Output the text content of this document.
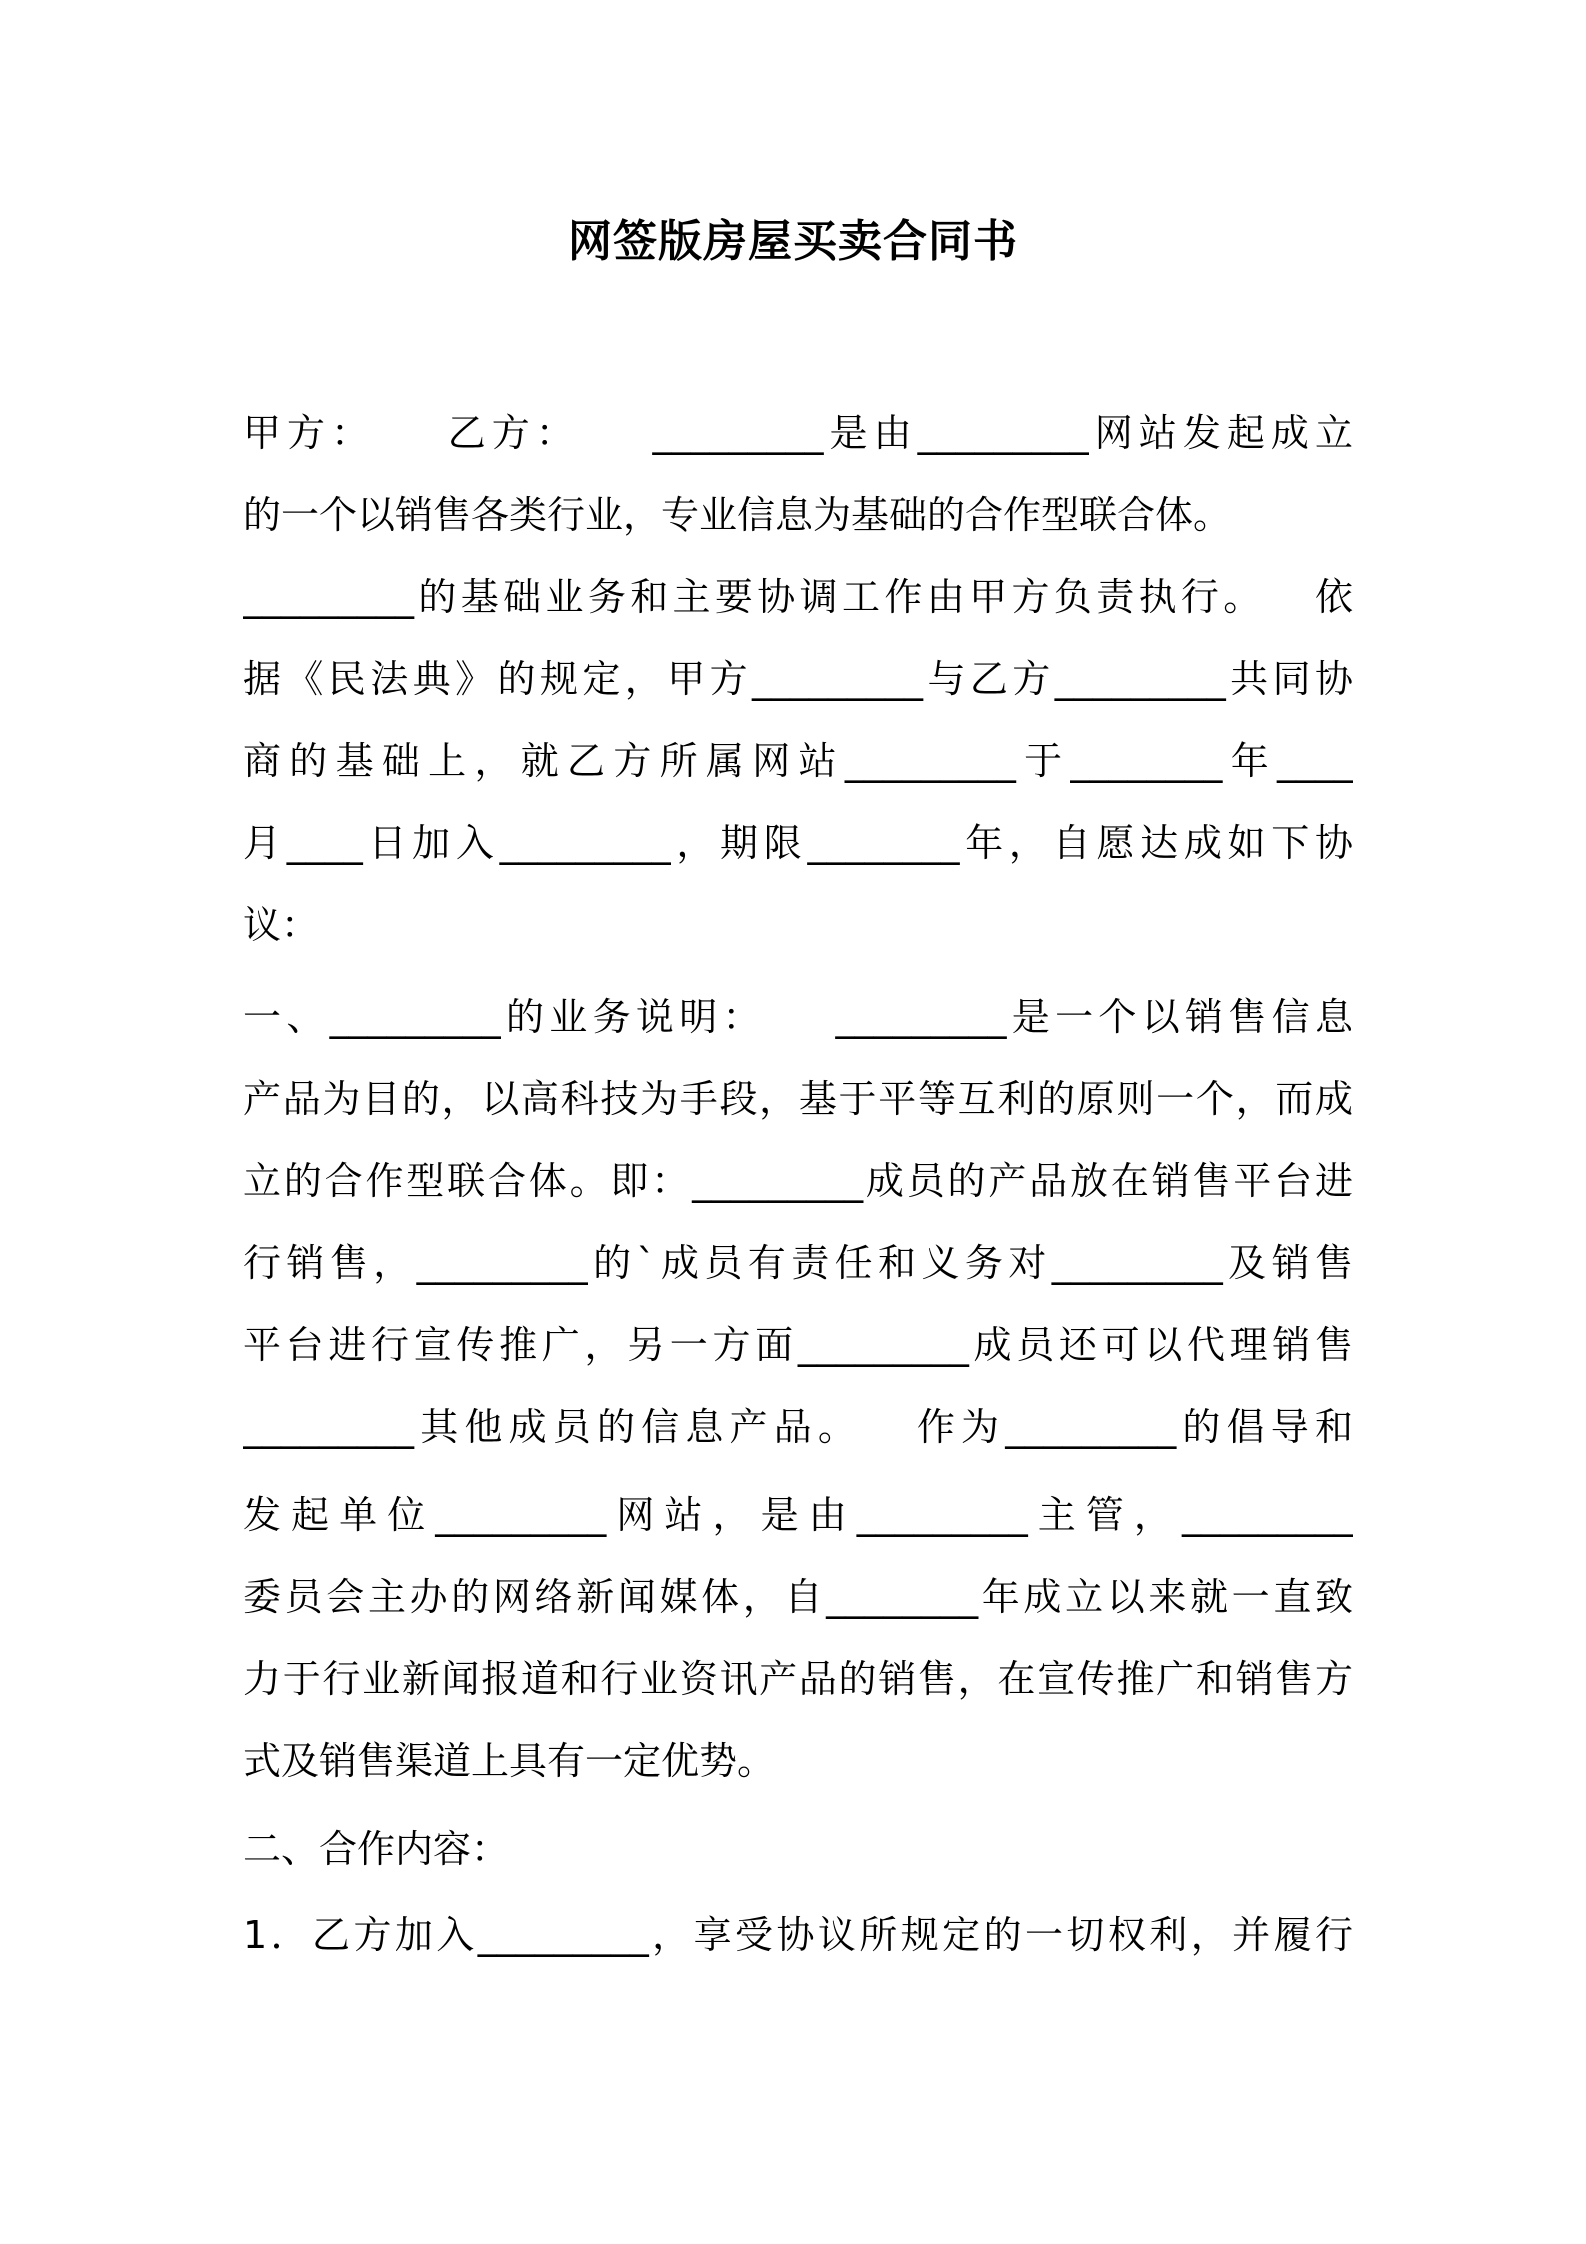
网签版房屋买卖合同书
甲方：    乙方：    _________是由_________网站发起成立
的一个以销售各类行业，专业信息为基础的合作型联合体。
_________的基础业务和主要协调工作由甲方负责执行。   依
据《民法典》的规定，甲方_________与乙方_________共同协
商的基础上，就乙方所属网站_________于________年____
月____日加入_________，期限________年，自愿达成如下协
议：
一、_________的业务说明：    _________是一个以销售信息
产品为目的，以高科技为手段，基于平等互利的原则一个，而成
立的合作型联合体。即：_________成员的产品放在销售平台进
行销售，_________的`成员有责任和义务对_________及销售
平台进行宣传推广，另一方面_________成员还可以代理销售
_________其他成员的信息产品。   作为_________的倡导和
发起单位_________网站，是由_________主管，_________
委员会主办的网络新闻媒体，自________年成立以来就一直致
力于行业新闻报道和行业资讯产品的销售，在宣传推广和销售方
式及销售渠道上具有一定优势。
二、合作内容：
1．乙方加入_________，享受协议所规定的一切权利，并履行
